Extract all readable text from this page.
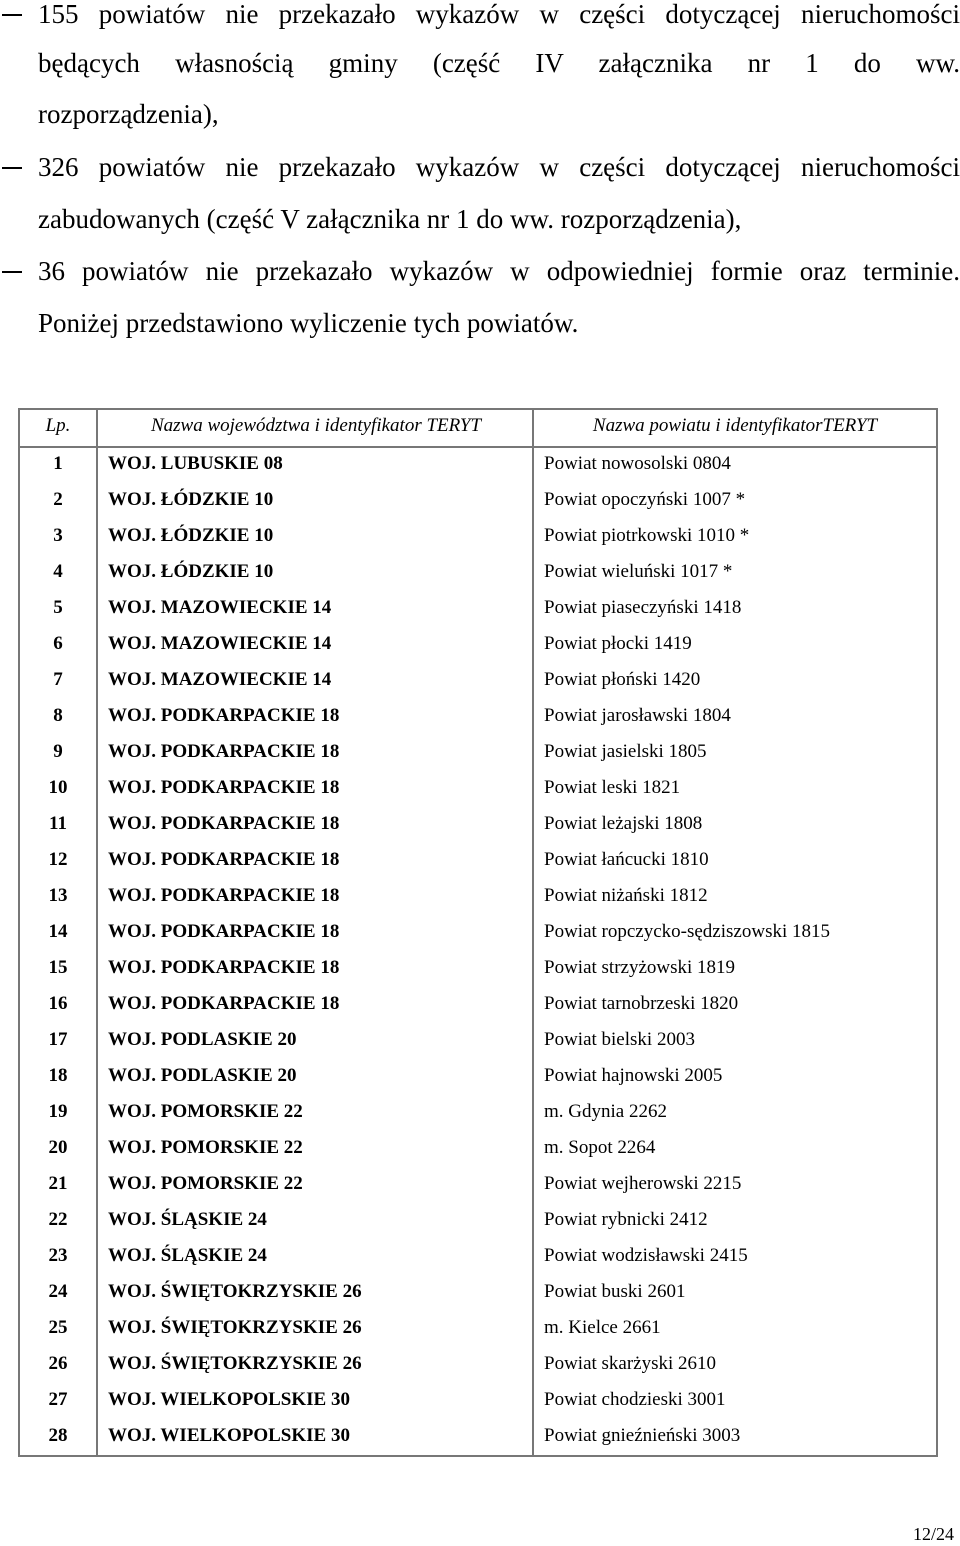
155 powiatów nie przekazało wykazów w części dotyczącej nieruchomości
będących własnością gminy (część IV załącznika nr 1 do ww.
rozporządzenia),
326 powiatów nie przekazało wykazów w części dotyczącej nieruchomości
zabudowanych (część V załącznika nr 1 do ww. rozporządzenia),
36 powiatów nie przekazało wykazów w odpowiedniej formie oraz terminie.
Poniżej przedstawiono wyliczenie tych powiatów.
Lp.	Nazwa województwa i identyfikator TERYT	Nazwa powiatu i identyfikatorTERYT
1	WOJ. LUBUSKIE 08	Powiat nowosolski 0804
2	WOJ. ŁÓDZKIE 10	Powiat opoczyński 1007 *
3	WOJ. ŁÓDZKIE 10	Powiat piotrkowski 1010 *
4	WOJ. ŁÓDZKIE 10	Powiat wieluński 1017 *
5	WOJ. MAZOWIECKIE 14	Powiat piaseczyński 1418
6	WOJ. MAZOWIECKIE 14	Powiat płocki 1419
7	WOJ. MAZOWIECKIE 14	Powiat płoński 1420
8	WOJ. PODKARPACKIE 18	Powiat jarosławski 1804
9	WOJ. PODKARPACKIE 18	Powiat jasielski 1805
10	WOJ. PODKARPACKIE 18	Powiat leski 1821
11	WOJ. PODKARPACKIE 18	Powiat leżajski 1808
12	WOJ. PODKARPACKIE 18	Powiat łańcucki 1810
13	WOJ. PODKARPACKIE 18	Powiat niżański 1812
14	WOJ. PODKARPACKIE 18	Powiat ropczycko-sędziszowski 1815
15	WOJ. PODKARPACKIE 18	Powiat strzyżowski 1819
16	WOJ. PODKARPACKIE 18	Powiat tarnobrzeski 1820
17	WOJ. PODLASKIE 20	Powiat bielski 2003
18	WOJ. PODLASKIE 20	Powiat hajnowski 2005
19	WOJ. POMORSKIE 22	m. Gdynia 2262
20	WOJ. POMORSKIE 22	m. Sopot 2264
21	WOJ. POMORSKIE 22	Powiat wejherowski 2215
22	WOJ. ŚLĄSKIE 24	Powiat rybnicki 2412
23	WOJ. ŚLĄSKIE 24	Powiat wodzisławski 2415
24	WOJ. ŚWIĘTOKRZYSKIE 26	Powiat buski 2601
25	WOJ. ŚWIĘTOKRZYSKIE 26	m. Kielce 2661
26	WOJ. ŚWIĘTOKRZYSKIE 26	Powiat skarżyski 2610
27	WOJ. WIELKOPOLSKIE 30	Powiat chodzieski 3001
28	WOJ. WIELKOPOLSKIE 30	Powiat gnieźnieński 3003
12/24
